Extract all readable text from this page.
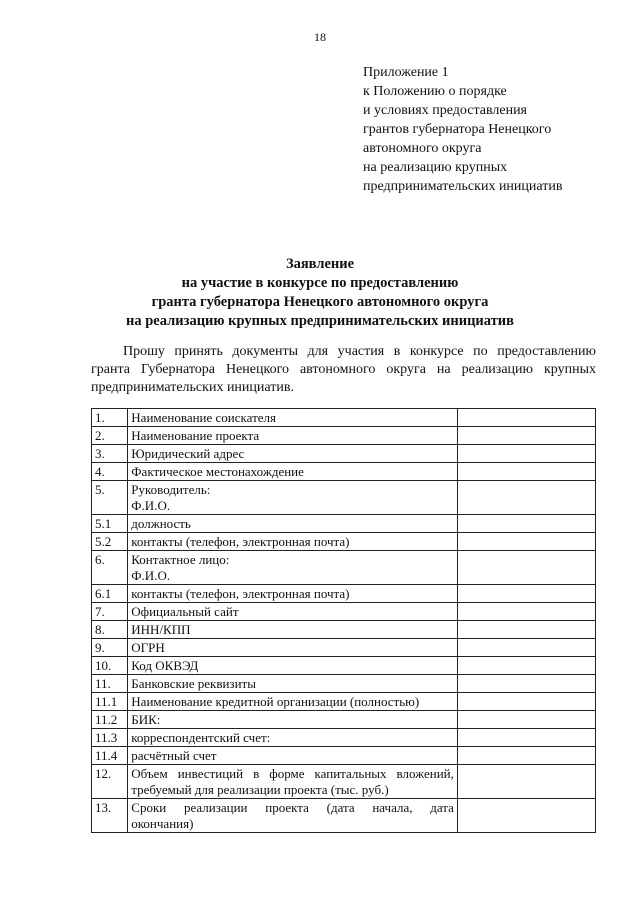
18
Приложение 1
к Положению о порядке
и условиях предоставления
грантов губернатора Ненецкого
автономного округа
на реализацию крупных
предпринимательских инициатив
Заявление
на участие в конкурсе по предоставлению
гранта губернатора Ненецкого автономного округа
на реализацию крупных предпринимательских инициатив
Прошу принять документы для участия в конкурсе по предоставлению
гранта Губернатора Ненецкого автономного округа на реализацию крупных
предпринимательских инициатив.
1.	Наименование соискателя	

2.	Наименование проекта	

3.	Юридический адрес	

4.	Фактическое местонахождение	

5.	Руководитель:
Ф.И.О.	

5.1	должность	

5.2	контакты (телефон, электронная почта)	

6.	Контактное лицо:
Ф.И.О.	

6.1	контакты (телефон, электронная почта)	

7.	Официальный сайт	

8.	ИНН/КПП	

9.	ОГРН	

10.	Код ОКВЭД	

11.	Банковские реквизиты	

11.1	Наименование кредитной организации (полностью)	

11.2	БИК:	

11.3	корреспондентский счет:	

11.4	расчётный счет	

12.	Объем инвестиций в форме капитальных вложений,
требуемый для реализации проекта (тыс. руб.)	

13.	Сроки реализации проекта (дата начала, дата
окончания)	
